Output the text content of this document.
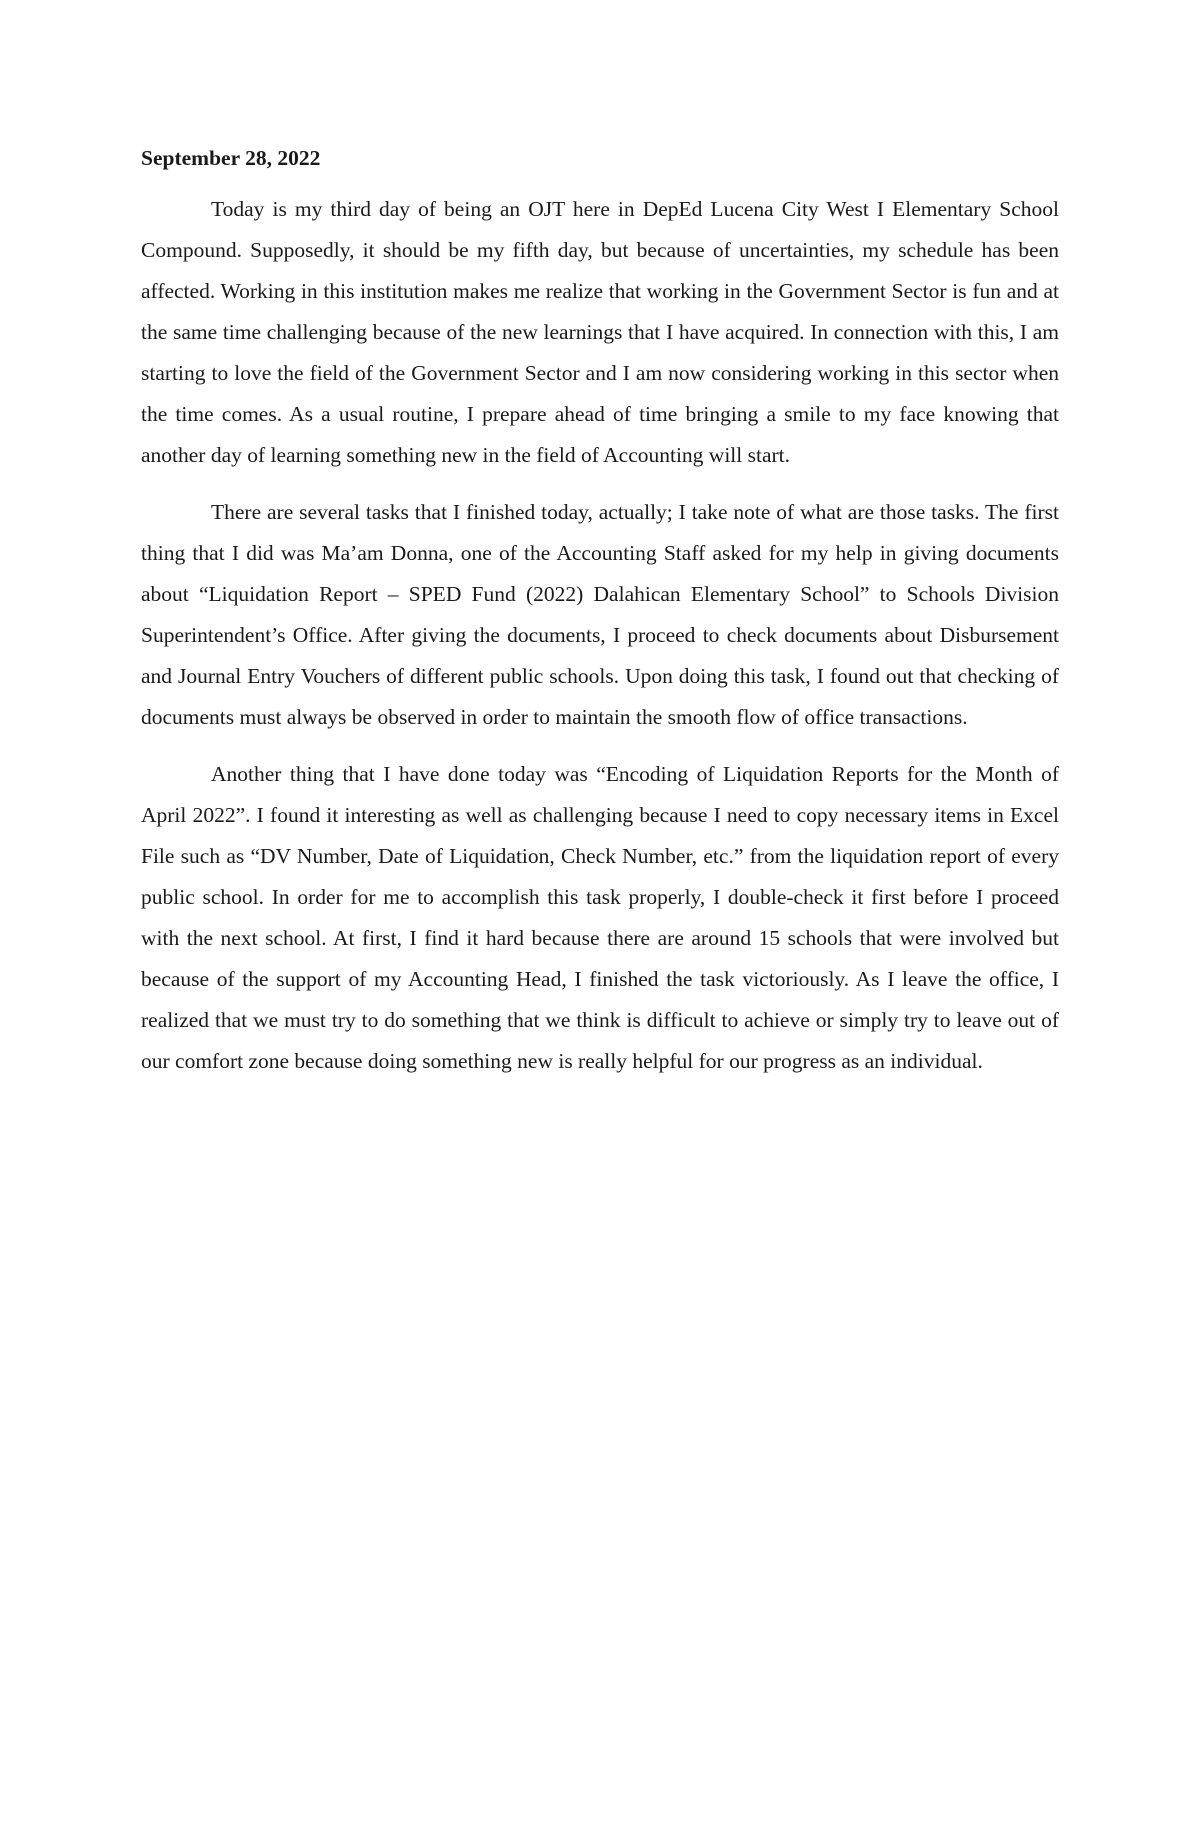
September 28, 2022

Today is my third day of being an OJT here in DepEd Lucena City West I Elementary School Compound. Supposedly, it should be my fifth day, but because of uncertainties, my schedule has been affected. Working in this institution makes me realize that working in the Government Sector is fun and at the same time challenging because of the new learnings that I have acquired. In connection with this, I am starting to love the field of the Government Sector and I am now considering working in this sector when the time comes. As a usual routine, I prepare ahead of time bringing a smile to my face knowing that another day of learning something new in the field of Accounting will start.

There are several tasks that I finished today, actually; I take note of what are those tasks. The first thing that I did was Ma’am Donna, one of the Accounting Staff asked for my help in giving documents about “Liquidation Report – SPED Fund (2022) Dalahican Elementary School” to Schools Division Superintendent’s Office. After giving the documents, I proceed to check documents about Disbursement and Journal Entry Vouchers of different public schools. Upon doing this task, I found out that checking of documents must always be observed in order to maintain the smooth flow of office transactions.

Another thing that I have done today was “Encoding of Liquidation Reports for the Month of April 2022”. I found it interesting as well as challenging because I need to copy necessary items in Excel File such as “DV Number, Date of Liquidation, Check Number, etc.” from the liquidation report of every public school. In order for me to accomplish this task properly, I double-check it first before I proceed with the next school. At first, I find it hard because there are around 15 schools that were involved but because of the support of my Accounting Head, I finished the task victoriously. As I leave the office, I realized that we must try to do something that we think is difficult to achieve or simply try to leave out of our comfort zone because doing something new is really helpful for our progress as an individual.
